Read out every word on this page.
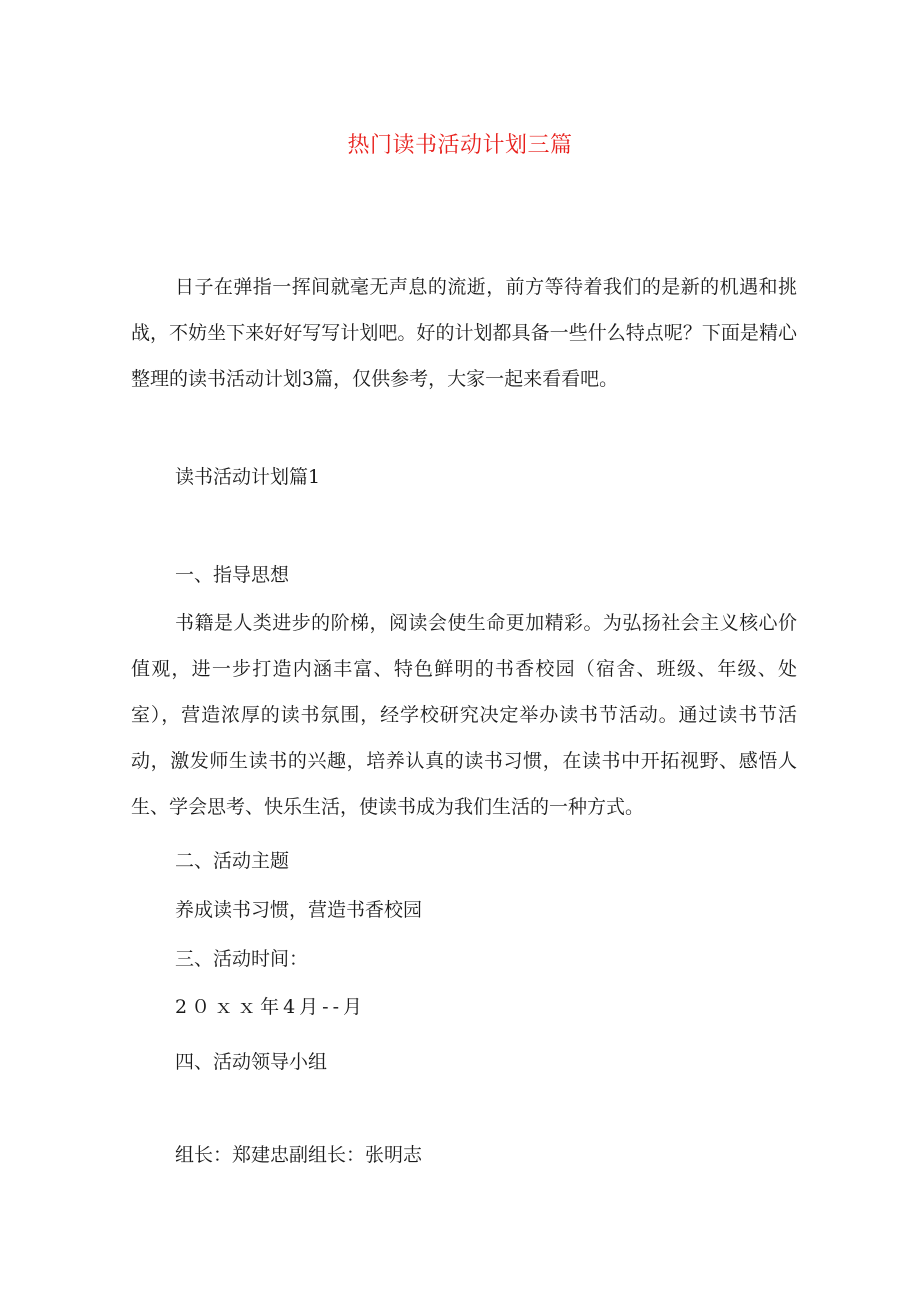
热门读书活动计划三篇

日子在弹指一挥间就毫无声息的流逝，前方等待着我们的是新的机遇和挑战，不妨坐下来好好写写计划吧。好的计划都具备一些什么特点呢？下面是精心整理的读书活动计划3篇，仅供参考，大家一起来看看吧。

读书活动计划篇1

一、指导思想

书籍是人类进步的阶梯，阅读会使生命更加精彩。为弘扬社会主义核心价值观，进一步打造内涵丰富、特色鲜明的书香校园（宿舍、班级、年级、处室），营造浓厚的读书氛围，经学校研究决定举办读书节活动。通过读书节活动，激发师生读书的兴趣，培养认真的读书习惯，在读书中开拓视野、感悟人生、学会思考、快乐生活，使读书成为我们生活的一种方式。

二、活动主题

养成读书习惯，营造书香校园

三、活动时间：

2０ｘｘ年4月--月

四、活动领导小组

组长：郑建忠副组长：张明志
